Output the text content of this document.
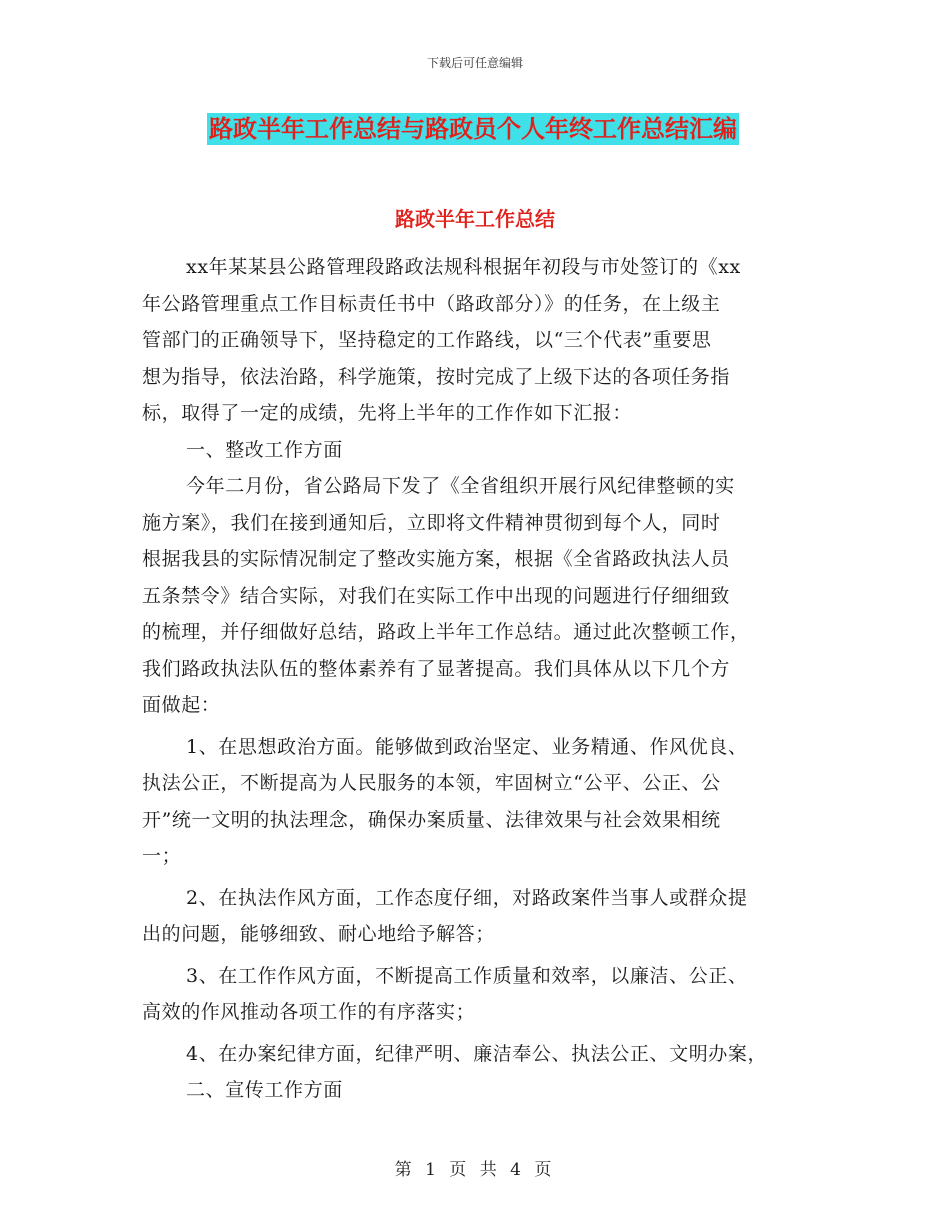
下载后可任意编辑
路政半年工作总结与路政员个人年终工作总结汇编
路政半年工作总结
xx年某某县公路管理段路政法规科根据年初段与市处签订的《xx
年公路管理重点工作目标责任书中（路政部分）》的任务，在上级主
管部门的正确领导下，坚持稳定的工作路线，以“三个代表”重要思
想为指导，依法治路，科学施策，按时完成了上级下达的各项任务指
标，取得了一定的成绩，先将上半年的工作作如下汇报：
一、整改工作方面
今年二月份，省公路局下发了《全省组织开展行风纪律整顿的实
施方案》，我们在接到通知后，立即将文件精神贯彻到每个人，同时
根据我县的实际情况制定了整改实施方案，根据《全省路政执法人员
五条禁令》结合实际，对我们在实际工作中出现的问题进行仔细细致
的梳理，并仔细做好总结，路政上半年工作总结。通过此次整顿工作，
我们路政执法队伍的整体素养有了显著提高。我们具体从以下几个方
面做起：
1、在思想政治方面。能够做到政治坚定、业务精通、作风优良、
执法公正，不断提高为人民服务的本领，牢固树立“公平、公正、公
开”统一文明的执法理念，确保办案质量、法律效果与社会效果相统
一；
2、在执法作风方面，工作态度仔细，对路政案件当事人或群众提
出的问题，能够细致、耐心地给予解答；
3、在工作作风方面，不断提高工作质量和效率，以廉洁、公正、
高效的作风推动各项工作的有序落实；
4、在办案纪律方面，纪律严明、廉洁奉公、执法公正、文明办案，
二、宣传工作方面
第 1 页 共 4 页
